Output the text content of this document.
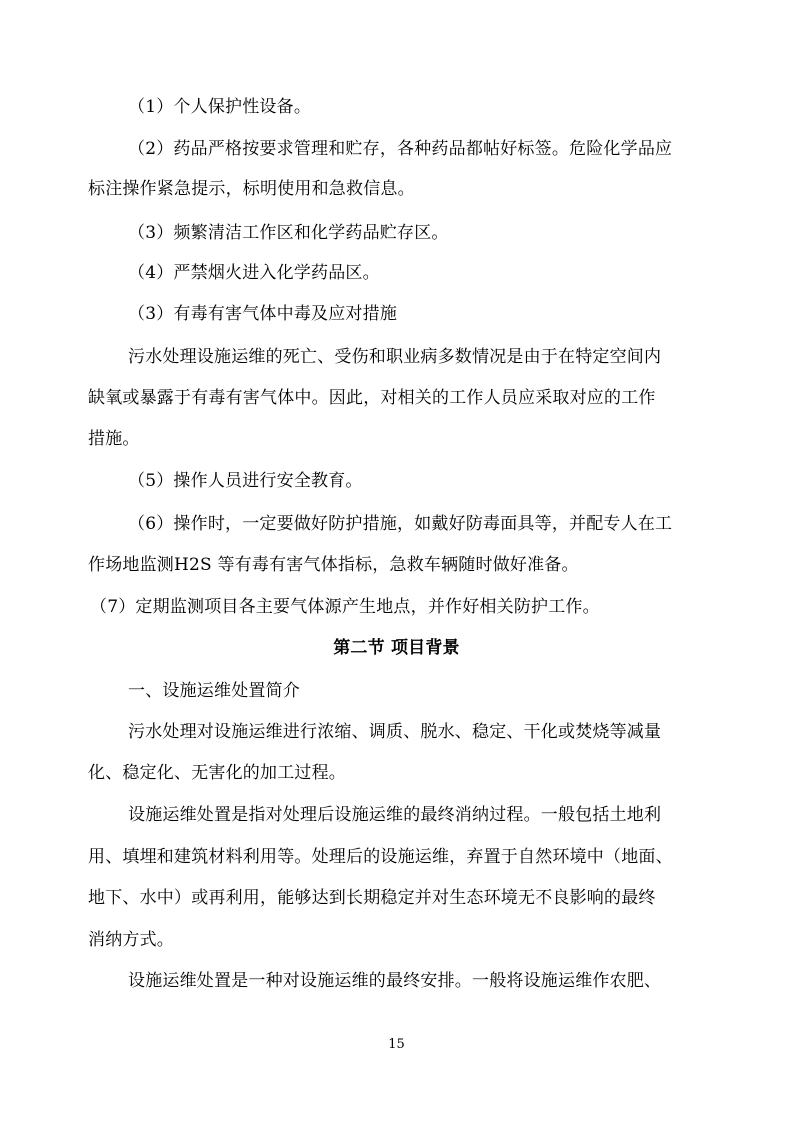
（1）个人保护性设备。

（2）药品严格按要求管理和贮存，各种药品都帖好标签。危险化学品应

标注操作紧急提示，标明使用和急救信息。

（3）频繁清洁工作区和化学药品贮存区。

（4）严禁烟火进入化学药品区。

（3）有毒有害气体中毒及应对措施

污水处理设施运维的死亡、受伤和职业病多数情况是由于在特定空间内

缺氧或暴露于有毒有害气体中。因此，对相关的工作人员应采取对应的工作

措施。

（5）操作人员进行安全教育。

（6）操作时，一定要做好防护措施，如戴好防毒面具等，并配专人在工

作场地监测H2S 等有毒有害气体指标，急救车辆随时做好准备。

（7）定期监测项目各主要气体源产生地点，并作好相关防护工作。

第二节 项目背景

一、设施运维处置简介

污水处理对设施运维进行浓缩、调质、脱水、稳定、干化或焚烧等减量

化、稳定化、无害化的加工过程。

设施运维处置是指对处理后设施运维的最终消纳过程。一般包括土地利

用、填埋和建筑材料利用等。处理后的设施运维，弃置于自然环境中（地面、

地下、水中）或再利用，能够达到长期稳定并对生态环境无不良影响的最终

消纳方式。

设施运维处置是一种对设施运维的最终安排。一般将设施运维作农肥、

15
